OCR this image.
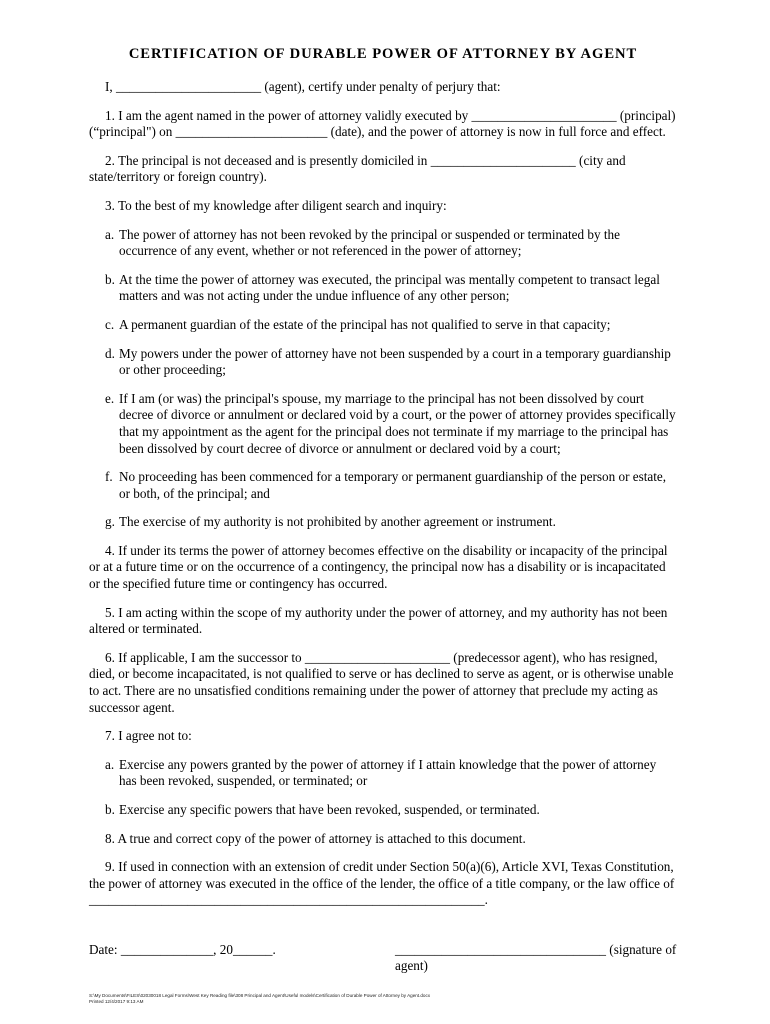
CERTIFICATION OF DURABLE POWER OF ATTORNEY BY AGENT

I, ______________________ (agent), certify under penalty of perjury that:

1. I am the agent named in the power of attorney validly executed by ______________________ (principal) (“principal") on _______________________ (date), and the power of attorney is now in full force and effect.

2. The principal is not deceased and is presently domiciled in ______________________ (city and state/territory or foreign country).

3. To the best of my knowledge after diligent search and inquiry:

a. The power of attorney has not been revoked by the principal or suspended or terminated by the occurrence of any event, whether or not referenced in the power of attorney;

b. At the time the power of attorney was executed, the principal was mentally competent to transact legal matters and was not acting under the undue influence of any other person;

c. A permanent guardian of the estate of the principal has not qualified to serve in that capacity;

d. My powers under the power of attorney have not been suspended by a court in a temporary guardianship or other proceeding;

e. If I am (or was) the principal's spouse, my marriage to the principal has not been dissolved by court decree of divorce or annulment or declared void by a court, or the power of attorney provides specifically that my appointment as the agent for the principal does not terminate if my marriage to the principal has been dissolved by court decree of divorce or annulment or declared void by a court;

f. No proceeding has been commenced for a temporary or permanent guardianship of the person or estate, or both, of the principal; and

g. The exercise of my authority is not prohibited by another agreement or instrument.

4. If under its terms the power of attorney becomes effective on the disability or incapacity of the principal or at a future time or on the occurrence of a contingency, the principal now has a disability or is incapacitated or the specified future time or contingency has occurred.

5. I am acting within the scope of my authority under the power of attorney, and my authority has not been altered or terminated.

6. If applicable, I am the successor to ______________________ (predecessor agent), who has resigned, died, or become incapacitated, is not qualified to serve or has declined to serve as agent, or is otherwise unable to act. There are no unsatisfied conditions remaining under the power of attorney that preclude my acting as successor agent.

7. I agree not to:

a. Exercise any powers granted by the power of attorney if I attain knowledge that the power of attorney has been revoked, suspended, or terminated; or

b. Exercise any specific powers that have been revoked, suspended, or terminated.

8. A true and correct copy of the power of attorney is attached to this document.

9. If used in connection with an extension of credit under Section 50(a)(6), Article XVI, Texas Constitution, the power of attorney was executed in the office of the lender, the office of a title company, or the law office of ____________________________________________________________.

Date: ______________, 20______.	________________________________ (signature of agent)
S:\My Documents\FILES\02030018 Legal Forms\West Key Reading file\308 Principal and Agent\Useful models\Certification of Durable Power of Attorney by Agent.docx
Printed 12/4/2017 9:13 AM
